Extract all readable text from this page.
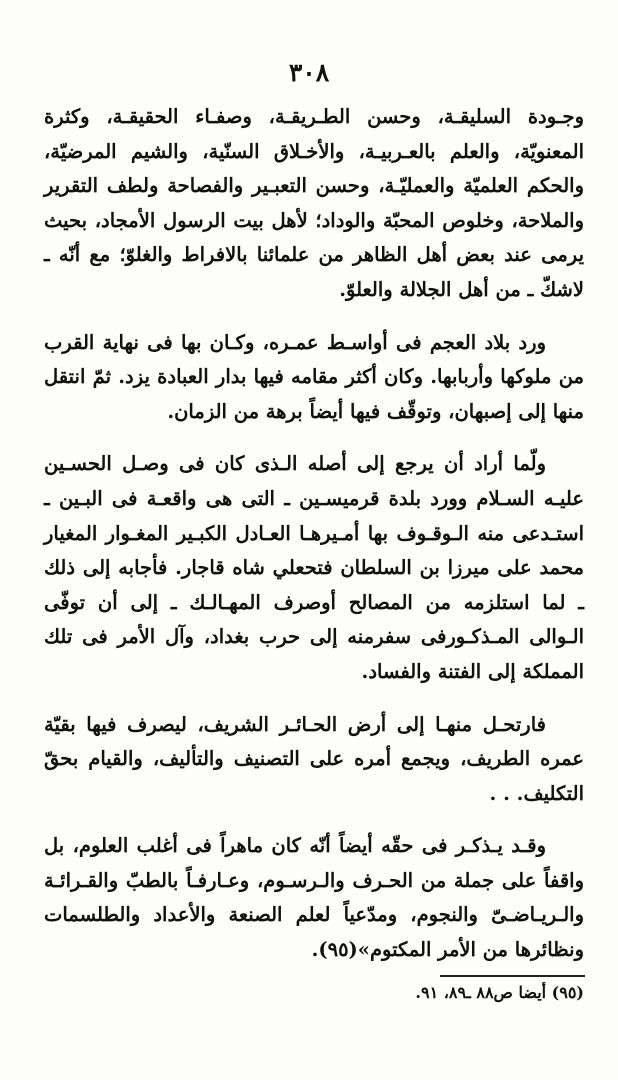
٣٠٨

وجـودة السليقـة، وحسن الطـريقـة، وصفـاء الحقيقـة، وكثرة المعنويّة، والعلم بالعـربيـة، والأخـلاق السنّية، والشيم المرضيّة، والحكم العلميّة والعمليّـة، وحسن التعبـير والفصاحة ولطف التقرير والملاحة، وخلوص المحبّة والوداد؛ لأهل بيت الرسول الأمجاد، بحيث يرمى عند بعض أهل الظاهر من علمائنا بالافراط والغلوّ؛ مع أنّه ـ لاشكّ ـ من أهل الجلالة والعلوّ.

ورد بلاد العجم فى أواسـط عمـره، وكـان بها فى نهاية القرب من ملوكها وأربابها. وكان أكثر مقامه فيها بدار العبادة يزد. ثمّ انتقل منها إلى إصبهان، وتوقّف فيها أيضاً برهة من الزمان.

ولّما أراد أن يرجع إلى أصله الـذى كان فى وصـل الحسـين عليـه السـلام وورد بلدة قرميسـين ـ التى هى واقعـة فى البـين ـ استـدعى منه الـوقـوف بها أمـيرهـا العـادل الكبـير المغـوار المغيار محمد على ميرزا بن السلطان فتحعلي شاه قاجار. فأجابه إلى ذلك ـ لما استلزمه من المصالح أوصرف المهـالـك ـ إلى أن توفّى الـوالى المـذكـورفى سفرمنه إلى حرب بغداد، وآل الأمر فى تلك المملكة إلى الفتنة والفساد.

فارتحـل منهـا إلى أرض الحـائـر الشريف، ليصرف فيها بقيّة عمره الطريف، ويجمع أمره على التصنيف والتأليف، والقيام بحقّ التكليف. . .

وقـد يـذكـر فى حقّه أيضاً أنّه كان ماهراً فى أغلب العلوم، بل واقفاً على جملة من الحـرف والـرسـوم، وعـارفـاً بالطبّ والقـرائـة والـريـاضـىّ والنجوم، ومدّعياً لعلم الصنعة والأعداد والطلسمات ونظائرها من الأمر المكتوم»(٩٥).

(٩٥) أيضا ص٨٨ ـ٨٩، ٩١.
